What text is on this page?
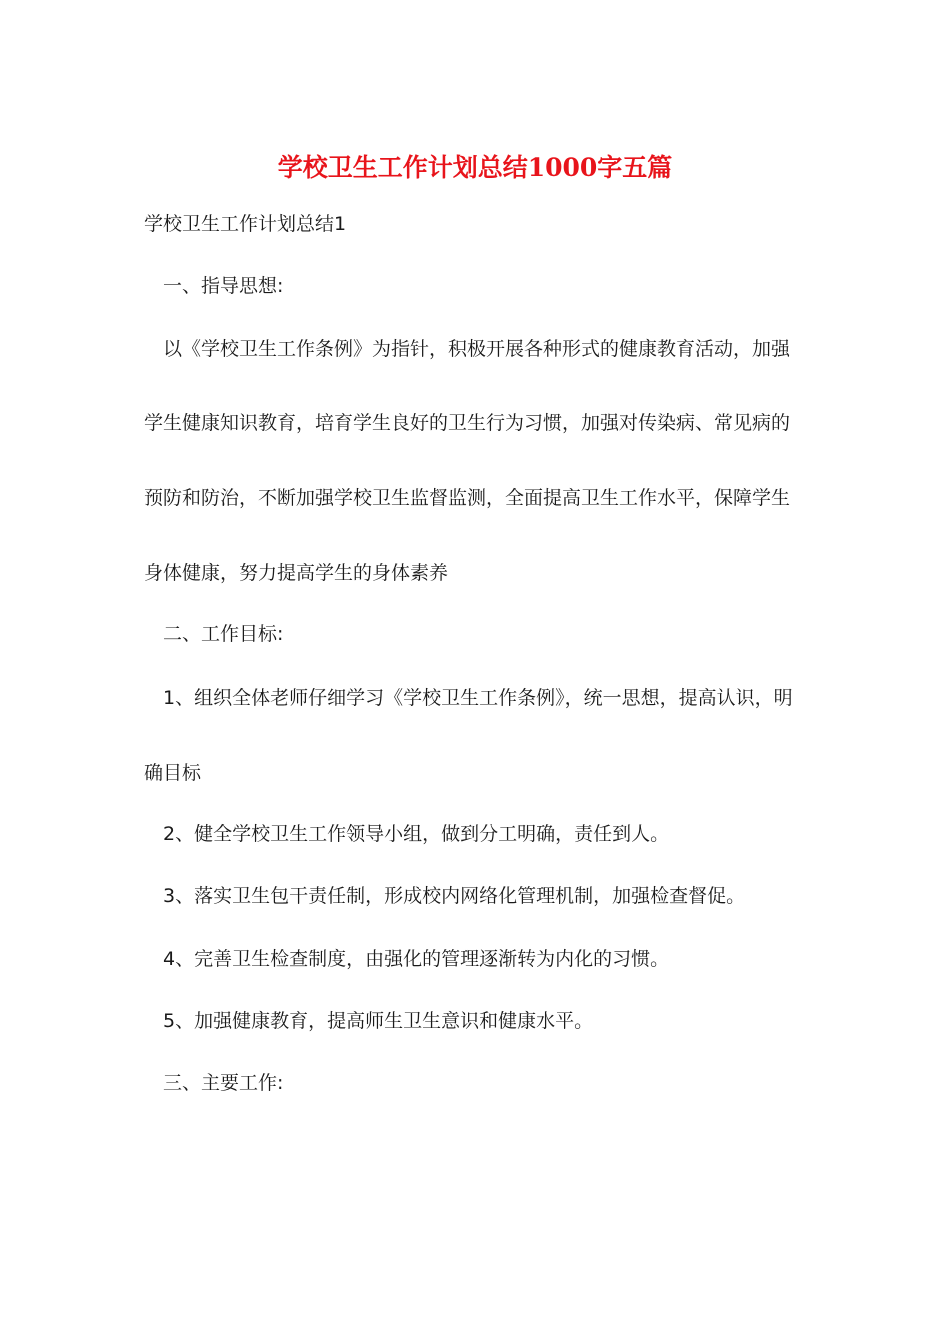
学校卫生工作计划总结1000字五篇

学校卫生工作计划总结1

一、指导思想:

以《学校卫生工作条例》为指针，积极开展各种形式的健康教育活动，加强

学生健康知识教育，培育学生良好的卫生行为习惯，加强对传染病、常见病的

预防和防治，不断加强学校卫生监督监测，全面提高卫生工作水平，保障学生

身体健康，努力提高学生的身体素养

二、工作目标:

1、组织全体老师仔细学习《学校卫生工作条例》，统一思想，提高认识，明

确目标

2、健全学校卫生工作领导小组，做到分工明确，责任到人。

3、落实卫生包干责任制，形成校内网络化管理机制，加强检查督促。

4、完善卫生检查制度，由强化的管理逐渐转为内化的习惯。

5、加强健康教育，提高师生卫生意识和健康水平。

三、主要工作:
